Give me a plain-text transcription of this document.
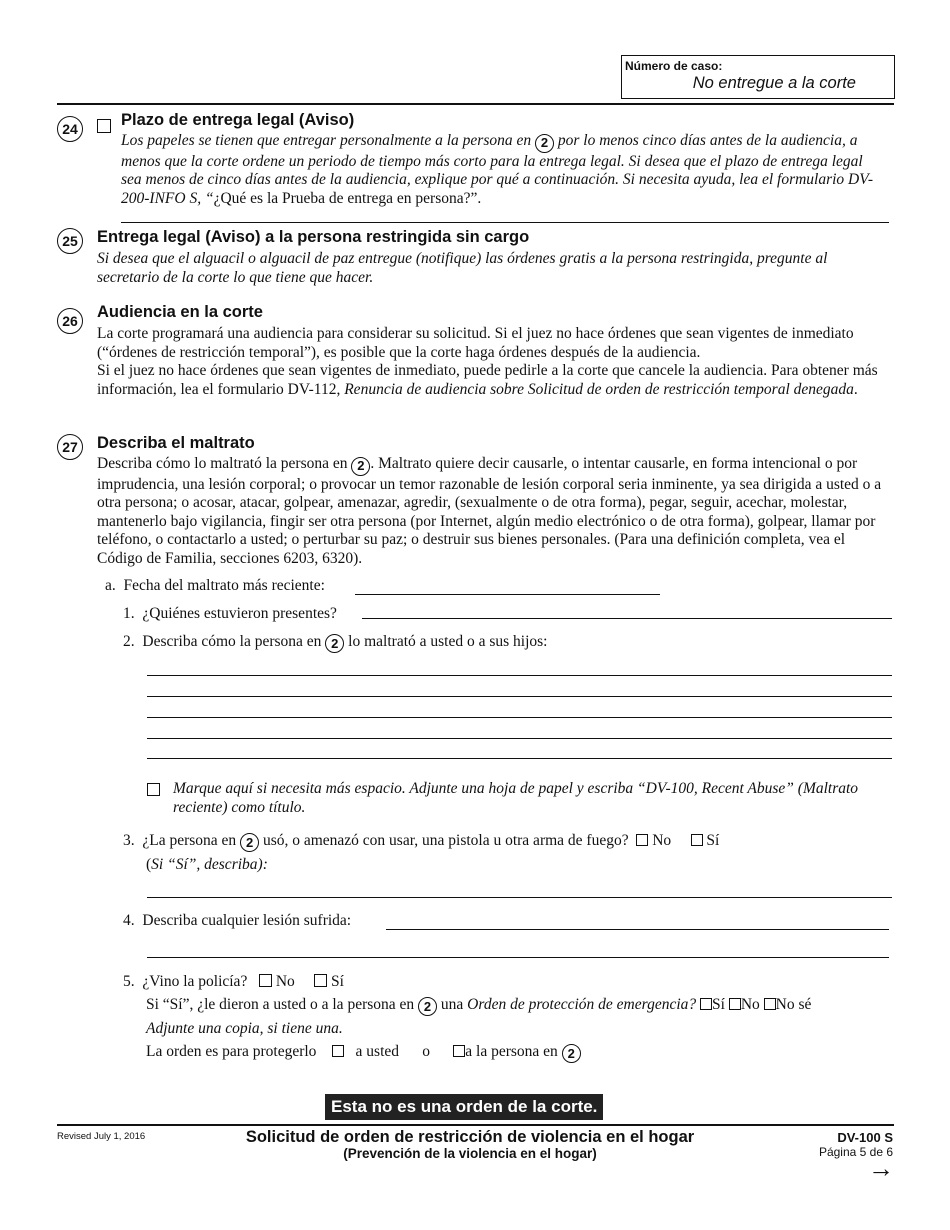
Número de caso:
No entregue a la corte
24	Plazo de entrega legal (Aviso)
Los papeles se tienen que entregar personalmente a la persona en 2 por lo menos cinco días antes de la audiencia, a menos que la corte ordene un periodo de tiempo más corto para la entrega legal. Si desea que el plazo de entrega legal sea menos de cinco días antes de la audiencia, explique por qué a continuación. Si necesita ayuda, lea el formulario DV-200-INFO S, “¿Qué es la Prueba de entrega en persona?”.
25	Entrega legal (Aviso) a la persona restringida sin cargo
Si desea que el alguacil o alguacil de paz entregue (notifique) las órdenes gratis a la persona restringida, pregunte al secretario de la corte lo que tiene que hacer.
26	Audiencia en la corte
La corte programará una audiencia para considerar su solicitud. Si el juez no hace órdenes que sean vigentes de inmediato (“órdenes de restricción temporal”), es posible que la corte haga órdenes después de la audiencia.
Si el juez no hace órdenes que sean vigentes de inmediato, puede pedirle a la corte que cancele la audiencia. Para obtener más información, lea el formulario DV-112, Renuncia de audiencia sobre Solicitud de orden de restricción temporal denegada.
27	Describa el maltrato
Describa cómo lo maltrató la persona en 2 . Maltrato quiere decir causarle, o intentar causarle, en forma intencional o por imprudencia, una lesión corporal; o provocar un temor razonable de lesión corporal seria inminente, ya sea dirigida a usted o a otra persona; o acosar, atacar, golpear, amenazar, agredir, (sexualmente o de otra forma), pegar, seguir, acechar, molestar, mantenerlo bajo vigilancia, fingir ser otra persona (por Internet, algún medio electrónico o de otra forma), golpear, llamar por teléfono, o contactarlo a usted; o perturbar su paz; o destruir sus bienes personales. (Para una definición completa, vea el Código de Familia, secciones 6203, 6320).
a. Fecha del maltrato más reciente:
1. ¿Quiénes estuvieron presentes?
2. Describa cómo la persona en 2 lo maltrató a usted o a sus hijos:
Marque aquí si necesita más espacio. Adjunte una hoja de papel y escriba “DV-100, Recent Abuse” (Maltrato reciente) como título.
3. ¿La persona en 2 usó, o amenazó con usar, una pistola u otra arma de fuego? No Sí
(Si “Sí”, describa):
4. Describa cualquier lesión sufrida:
5. ¿Vino la policía? No Sí
Si “Sí”, ¿le dieron a usted o a la persona en 2 una Orden de protección de emergencia? Sí No No sé
Adjunte una copia, si tiene una.
La orden es para protegerlo	a usted o a la persona en 2
Esta no es una orden de la corte.
Revised July 1, 2016	Solicitud de orden de restricción de violencia en el hogar
(Prevención de la violencia en el hogar)
DV-100 S
Página 5 de 6
→
